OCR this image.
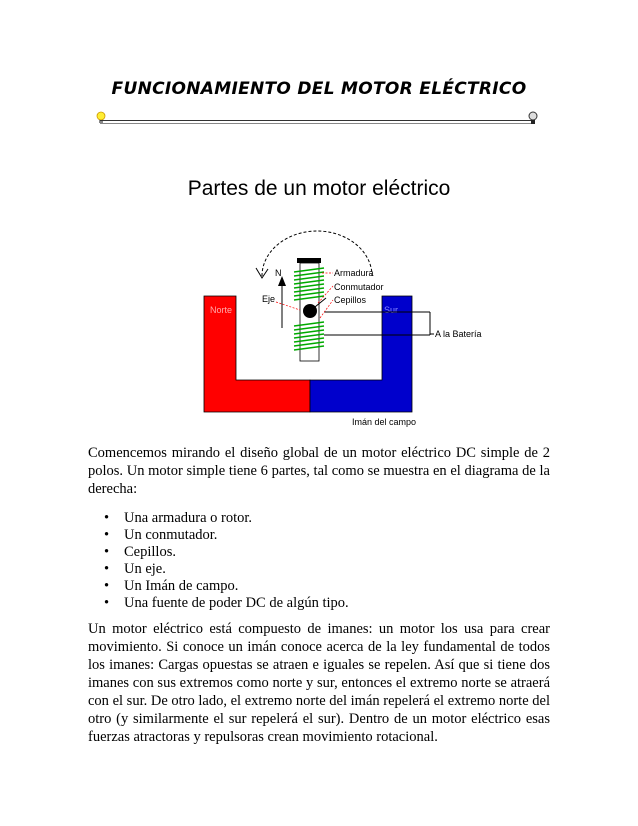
FUNCIONAMIENTO DEL MOTOR ELÉCTRICO
Partes de un motor eléctrico
Norte	Sur
N	Armadura
Conmutador
Cepillos
Eje
A la Batería
Imán del campo

Comencemos mirando el diseño global de un motor eléctrico DC simple de 2 polos. Un motor simple tiene 6 partes, tal como se muestra en el diagrama de la derecha:

• Una armadura o rotor.
• Un conmutador.
• Cepillos.
• Un eje.
• Un Imán de campo.
• Una fuente de poder DC de algún tipo.

Un motor eléctrico está compuesto de imanes: un motor los usa para crear movimiento. Si conoce un imán conoce acerca de la ley fundamental de todos los imanes: Cargas opuestas se atraen e iguales se repelen. Así que si tiene dos imanes con sus extremos como norte y sur, entonces el extremo norte se atraerá con el sur. De otro lado, el extremo norte del imán repelerá el extremo norte del otro (y similarmente el sur repelerá el sur). Dentro de un motor eléctrico esas fuerzas atractoras y repulsoras crean movimiento rotacional.
